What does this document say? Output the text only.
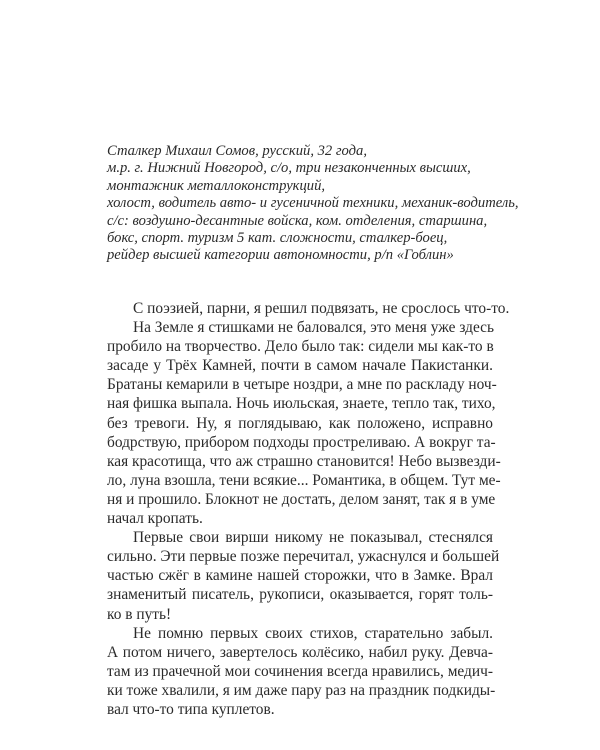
Сталкер Михаил Сомов, русский, 32 года,
м.р. г. Нижний Новгород, с/о, три незаконченных высших,
монтажник металлоконструкций,
холост, водитель авто- и гусеничной техники, механик-водитель,
с/с: воздушно-десантные войска, ком. отделения, старшина,
бокс, спорт. туризм 5 кат. сложности, сталкер-боец,
рейдер высшей категории автономности, р/п «Гоблин»
С поэзией, парни, я решил подвязать, не срослось что-то.
На Земле я стишками не баловался, это меня уже здесь
пробило на творчество. Дело было так: сидели мы как-то в
засаде у Трёх Камней, почти в самом начале Пакистанки.
Братаны кемарили в четыре ноздри, а мне по раскладу ноч-
ная фишка выпала. Ночь июльская, знаете, тепло так, тихо,
без тревоги. Ну, я поглядываю, как положено, исправно
бодрствую, прибором подходы простреливаю. А вокруг та-
кая красотища, что аж страшно становится! Небо вызвезди-
ло, луна взошла, тени всякие... Романтика, в общем. Тут ме-
ня и прошило. Блокнот не достать, делом занят, так я в уме
начал кропать.
Первые свои вирши никому не показывал, стеснялся
сильно. Эти первые позже перечитал, ужаснулся и большей
частью сжёг в камине нашей сторожки, что в Замке. Врал
знаменитый писатель, рукописи, оказывается, горят толь-
ко в путь!
Не помню первых своих стихов, старательно забыл.
А потом ничего, завертелось колёсико, набил руку. Девча-
там из прачечной мои сочинения всегда нравились, медич-
ки тоже хвалили, я им даже пару раз на праздник подкиды-
вал что-то типа куплетов.
